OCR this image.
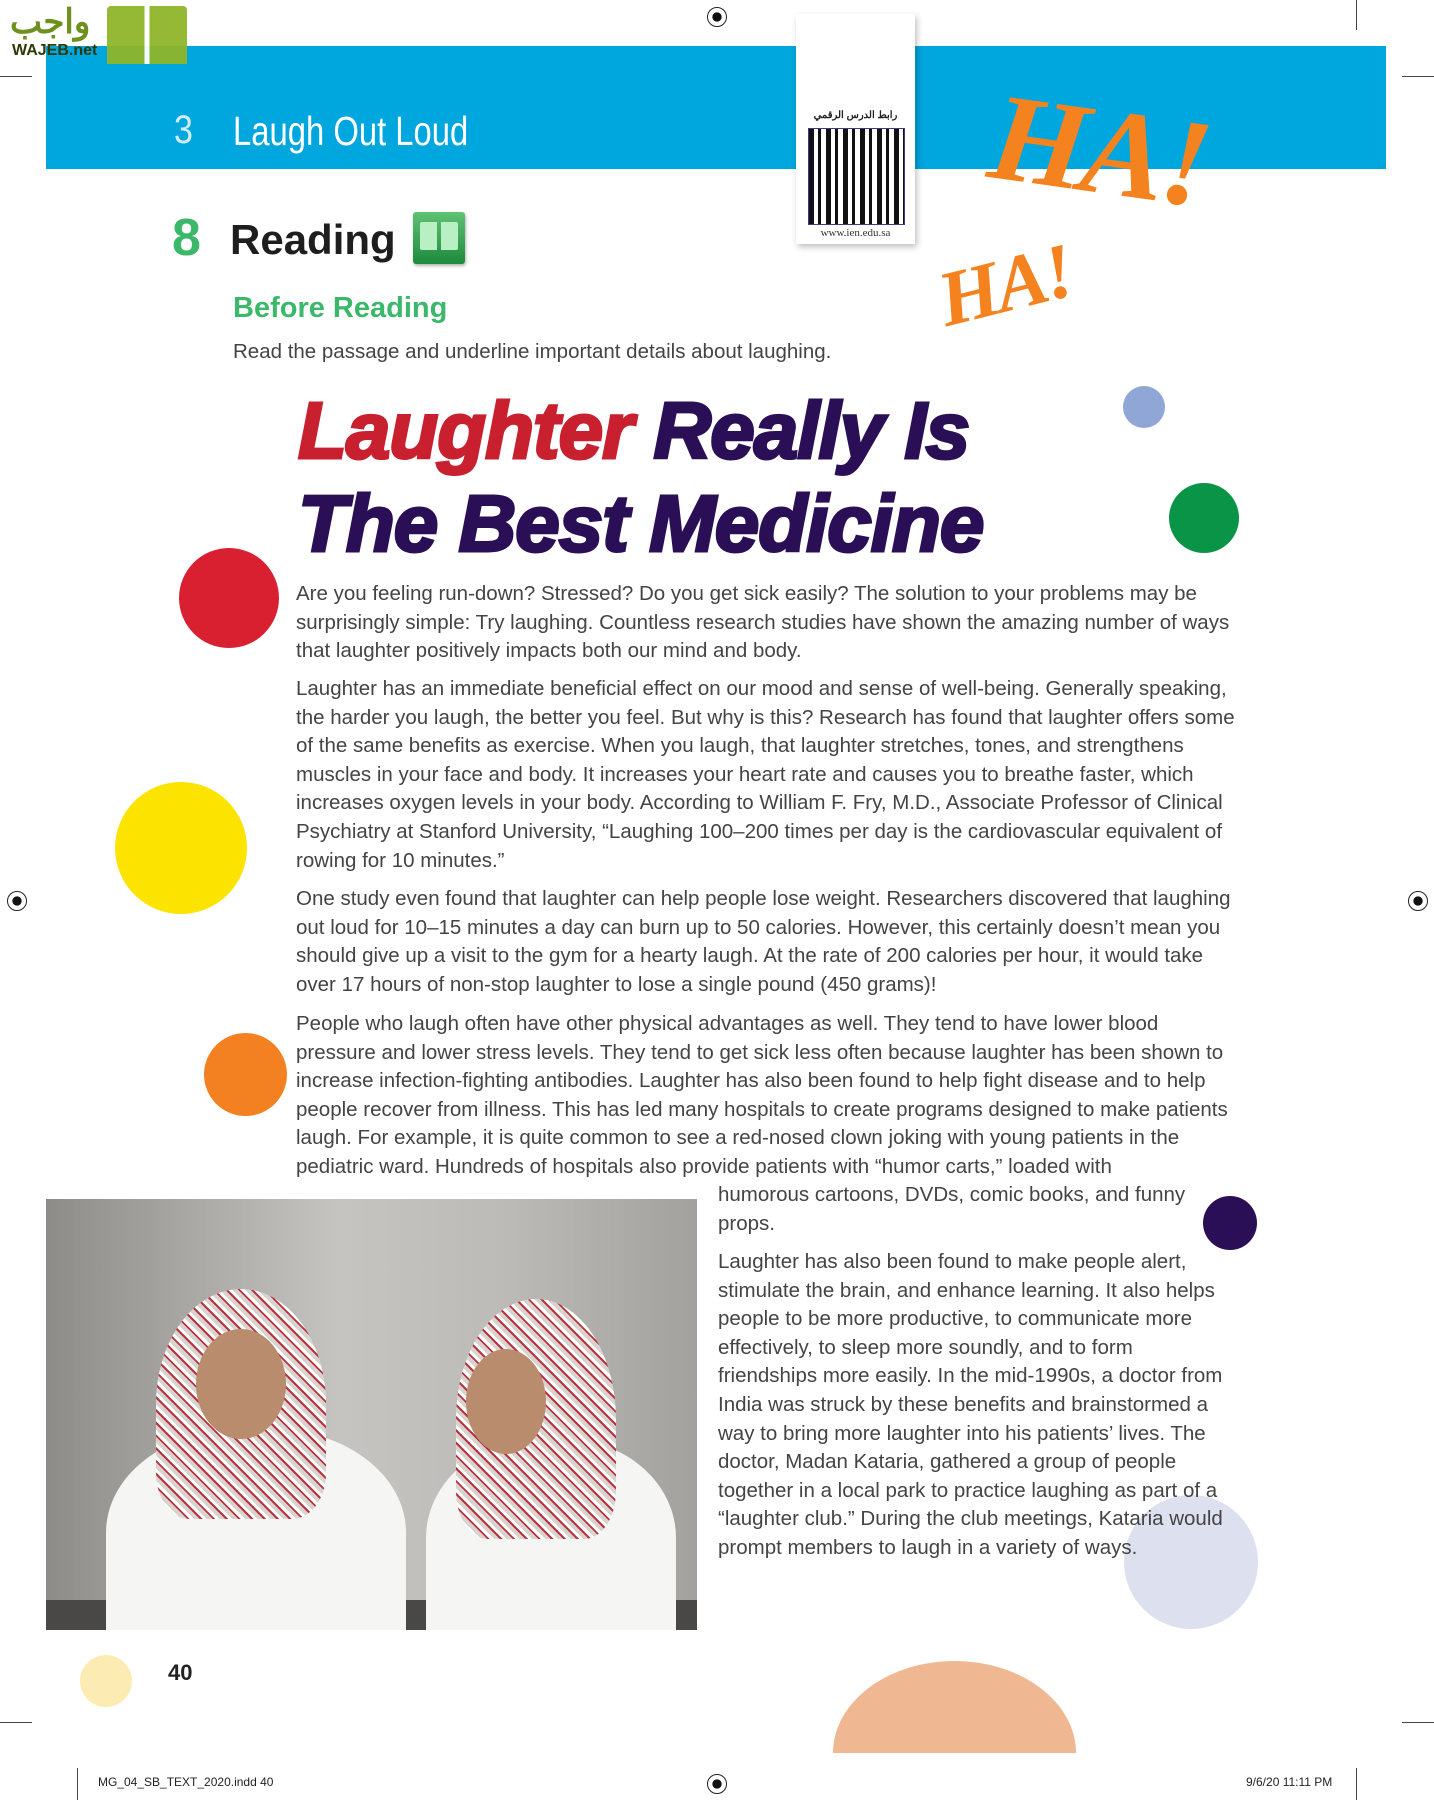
3 Laugh Out Loud
واجب
WAJEB.net
رابط الدرس الرقمي
www.ien.edu.sa HA!
HA!
8 Reading
Before Reading
Read the passage and underline important details about laughing.
Laughter Really Is
The Best Medicine

Are you feeling run-down? Stressed? Do you get sick easily? The solution to your problems may be surprisingly simple: Try laughing. Countless research studies have shown the amazing number of ways that laughter positively impacts both our mind and body.

Laughter has an immediate beneficial effect on our mood and sense of well-being. Generally speaking, the harder you laugh, the better you feel. But why is this? Research has found that laughter offers some of the same benefits as exercise. When you laugh, that laughter stretches, tones, and strengthens muscles in your face and body. It increases your heart rate and causes you to breathe faster, which increases oxygen levels in your body. According to William F. Fry, M.D., Associate Professor of Clinical Psychiatry at Stanford University, “Laughing 100–200 times per day is the cardiovascular equivalent of rowing for 10 minutes.”

One study even found that laughter can help people lose weight. Researchers discovered that laughing out loud for 10–15 minutes a day can burn up to 50 calories. However, this certainly doesn’t mean you should give up a visit to the gym for a hearty laugh. At the rate of 200 calories per hour, it would take over 17 hours of non-stop laughter to lose a single pound (450 grams)!

People who laugh often have other physical advantages as well. They tend to have lower blood pressure and lower stress levels. They tend to get sick less often because laughter has been shown to increase infection-fighting antibodies. Laughter has also been found to help fight disease and to help people recover from illness. This has led many hospitals to create programs designed to make patients laugh. For example, it is quite common to see a red-nosed clown joking with young patients in the pediatric ward. Hundreds of hospitals also provide patients with “humor carts,” loaded with

humorous cartoons, DVDs, comic books, and funny props.

Laughter has also been found to make people alert, stimulate the brain, and enhance learning. It also helps people to be more productive, to communicate more effectively, to sleep more soundly, and to form friendships more easily. In the mid-1990s, a doctor from India was struck by these benefits and brainstormed a way to bring more laughter into his patients’ lives. The doctor, Madan Kataria, gathered a group of people together in a local park to practice laughing as part of a “laughter club.” During the club meetings, Kataria would prompt members to laugh in a variety of ways.

40
MG_04_SB_TEXT_2020.indd 40	9/6/20 11:11 PM
